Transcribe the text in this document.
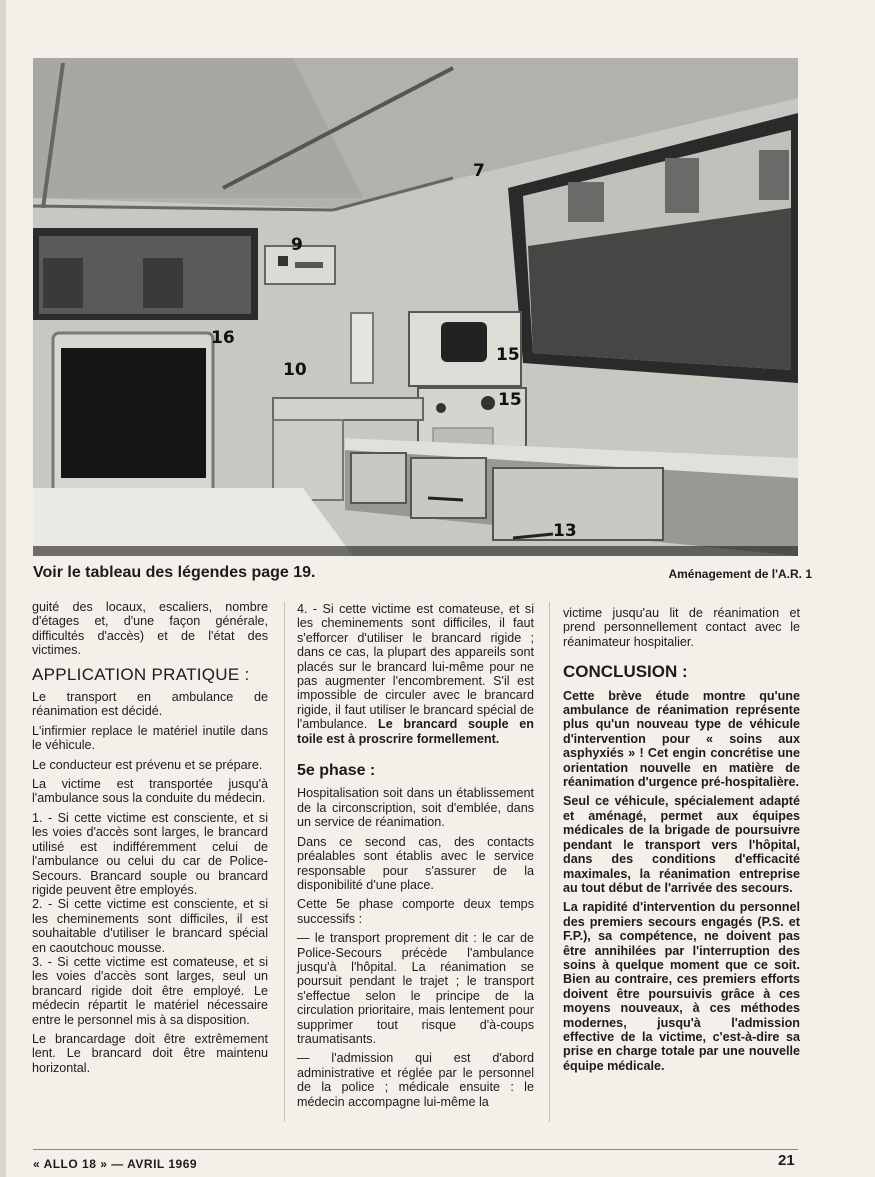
7
9
16
10
15
15
13
Voir le tableau des légendes page 19.	Aménagement de l'A.R. 1

guité des locaux, escaliers, nombre d'étages et, d'une façon générale, difficultés d'accès) et de l'état des victimes.

APPLICATION PRATIQUE :

Le transport en ambulance de réanimation est décidé.

L'infirmier replace le matériel inutile dans le véhicule.

Le conducteur est prévenu et se prépare.

La victime est transportée jusqu'à l'ambulance sous la conduite du médecin.

1. - Si cette victime est consciente, et si les voies d'accès sont larges, le brancard utilisé est indifféremment celui de l'ambulance ou celui du car de Police-Secours. Brancard souple ou brancard rigide peuvent être employés.

2. - Si cette victime est consciente, et si les cheminements sont difficiles, il est souhaitable d'utiliser le brancard spécial en caoutchouc mousse.

3. - Si cette victime est comateuse, et si les voies d'accès sont larges, seul un brancard rigide doit être employé. Le médecin répartit le matériel nécessaire entre le personnel mis à sa disposition.

Le brancardage doit être extrêmement lent. Le brancard doit être maintenu horizontal.

4. - Si cette victime est comateuse, et si les cheminements sont difficiles, il faut s'efforcer d'utiliser le brancard rigide ; dans ce cas, la plupart des appareils sont placés sur le brancard lui-même pour ne pas augmenter l'encombrement. S'il est impossible de circuler avec le brancard rigide, il faut utiliser le brancard spécial de l'ambulance. Le brancard souple en toile est à proscrire formellement.

5e phase :

Hospitalisation soit dans un établissement de la circonscription, soit d'emblée, dans un service de réanimation.

Dans ce second cas, des contacts préalables sont établis avec le service responsable pour s'assurer de la disponibilité d'une place.

Cette 5e phase comporte deux temps successifs :

— le transport proprement dit : le car de Police-Secours précède l'ambulance jusqu'à l'hôpital. La réanimation se poursuit pendant le trajet ; le transport s'effectue selon le principe de la circulation prioritaire, mais lentement pour supprimer tout risque d'à-coups traumatisants.

— l'admission qui est d'abord administrative et réglée par le personnel de la police ; médicale ensuite : le médecin accompagne lui-même la

victime jusqu'au lit de réanimation et prend personnellement contact avec le réanimateur hospitalier.

CONCLUSION :

Cette brève étude montre qu'une ambulance de réanimation représente plus qu'un nouveau type de véhicule d'intervention pour « soins aux asphyxiés » ! Cet engin concrétise une orientation nouvelle en matière de réanimation d'urgence pré-hospitalière.

Seul ce véhicule, spécialement adapté et aménagé, permet aux équipes médicales de la brigade de poursuivre pendant le transport vers l'hôpital, dans des conditions d'efficacité maximales, la réanimation entreprise au tout début de l'arrivée des secours.

La rapidité d'intervention du personnel des premiers secours engagés (P.S. et F.P.), sa compétence, ne doivent pas être annihilées par l'interruption des soins à quelque moment que ce soit. Bien au contraire, ces premiers efforts doivent être poursuivis grâce à ces moyens nouveaux, à ces méthodes modernes, jusqu'à l'admission effective de la victime, c'est-à-dire sa prise en charge totale par une nouvelle équipe médicale.

« ALLO 18 » — AVRIL 1969	21
